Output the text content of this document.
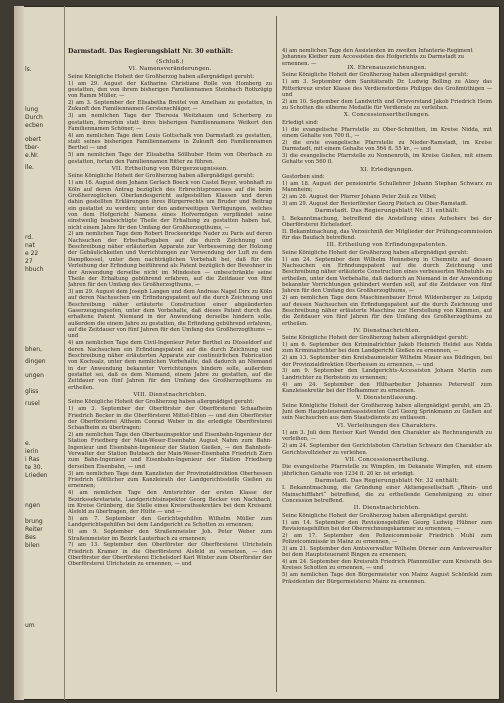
ls.
lung
Durch
ecben
obert
tber-
e.Nr.
lle.
rd.
nat
e 22
27
hbuch
bhen,
dingen
ungen
gliss
rusel
e.
ierin
i Ras
te 30.
Lrieden
ngen
brung
Reiter
Bes
bilen
um
Darmstadt. Das Regierungsblatt Nr. 30 enthält:
(Schluß.)
VI. Namensveränderungen.
Seine Königliche Hoheit der Großherzog haben allergnädigst geruht:
1) am 29. August der Katharine Christiane Rolle von Homberg zu gestatten, den von ihrem bisherigen Familiennamen Steinbach Rothzügig von Ramm Müller, —
2) am 3. September der Elisabetha Breitel von Amelham zu gestatten, in Zukunft den Familiennamen Gerstenschläger, —
3) am nemlichen Tage der Theresia Weitzhaum und Scherberg zu gestatten, fernerhin statt ihres bisherigen Familiennamens Weikert den Familiennamen Schöner, —
4) am nemlichen Tage dem Louis Gottschalk von Darmstadt zu gestatten, statt seines bisherigen Familiennamens in Zukunft den Familiennamen Berthel — und
5) am nemlichen Tage der Elisabetha Söllhuber Heim von Oberbach zu gestatten, fortan den Familiennamen Ritter zu führen.
VII. Ertheilung von Bürgerzeugnissen.
Seine Königliche Hoheit der Großherzog haben allergnädigst geruht:
1) am 16. August dem Johann Gerlach Boeck von Castel Beyer, wohnhaft zu Köln auf deren Antrag bezüglich des Erbrechtsprozesses auf die beim Großherzoglichen Oberlandesgericht aufgestellten Klassen und deren dahin gestellten Erklärungen ihres Bürgerrechts um Bruder und Beitrag ein gestattet zu werden; unter den anderweitigen Verfügungen, welches von dem Hofgericht Namens eines Hofvermögen verpfändet seine einstweilig beabsichtigte Theile der Erhaltung zu gestatten haben hat, nicht einem Jahre für den Umfang der Großherzogthums, —
2) am nemlichen Tage dem Robert Brockenridge Nader zu Paris auf deren Nachsuchen der Erbschaftsgaben auf die durch Zeichnung und Beschreibung näher erläuterten Apparate zur Verbesserung der Holzung der Gebäulichkeiten und Vorrichtungen zur Verwendung der Luft zu dem Dampfkessel, unter dem nachträglichen Vorbehalt bei, daß für die Verleihung der Erfindung beiführend als Patent bezüglich der Bewohner in der Anwendung derselbe nicht im Mindesten — unbeschränkte seine Theile der Erhaltung gebührend erfahren, auf die Zeitdauer von fünf Jahren für den Umfang des Großherzogthums, —
3) am 29. August dem Joseph Langen und dem Andreas Nagel Dirx zu Köln auf deren Nachsuchen ein Erfindungspatent auf die durch Zeichnung und Beschreibung näher erläuterte Construction einer abgeänderten Gaserzeugungsofen, unter dem Vorbehalte, daß dieses Patent durch das erhaltene Patent Niemand in der Anwendung derselbe hindern solle, außerdem die einem Jahre zu gestatten, die Erfindung gebührend erfahren, auf die Zeitdauer von fünf Jahren für den Umfang des Großherzogthums — und
4) am nemlichen Tage dem Civil-Ingenieur Peter Berthel zu Düsseldorf auf deren Nachsuchen ein Erfindungspatent auf die durch Zeichnung und Beschreibung näher erläuterten Apparate zur continuirlichen Fabrication von Kochsalz, unter dem nemlichen Vorbehalte, daß dadurch an Niemand in der Anwendung bekannter Vorrichtungen hindern solle, außerdem gestattet sei, daß es dem Niemand, einem Jahre zu gestatten, auf die Zeitdauer von fünf Jahren für den Umfang des Großherzogthums zu ertheilen.
VIII. Dienstnachrichten.
Seine Königliche Hoheit der Großherzog haben allergnädigst geruht:
1) am 3. September der Oberförster der Oberförsterei Schaafheim Friedrich Becker in die Oberförsterei Mittel-Ehlen — und den Oberförster der Oberförsterei Altheim Conrad Weber in die erledigte Oberförsterei Schaafheim zu übertragen;
2) am nemlichen Tage den Oberbauinspektor und Eisenbahn-Ingenieur der Station Friedberg der Main-Weser-Eisenbahn August Nahm zum Bahn-Ingenieur und Eisenbahn-Ingenieur der Station Gießen, — den Bahnhofs-Verwalter der Station Butzbach der Main-Weser-Eisenbahn Friedrich Zorn zum Bahn-Ingenieur und Eisenbahn-Ingenieur der Station Friedberg derselben Eisenbahn, — und
3) am nemlichen Tage dem Kanzlisten der Provinzialdirektion Oberhessen Friedrich Göttlicher zum Kanzleirath der Landgerichtsstelle Gießen zu ernennen;
4) am nemlichen Tage den Amtsrichter der ersten Klasse der Bezirkssekretariate, Landgerichtsinspektor Georg Becker von Nachbach, im Kreise Grünberg, die Stelle eines Kreisrathsekretärs bei dem Kreisamt Alsfeld zu übertragen, der Hütte — und —
5) am 7. September den Gerichtsgehilfen Wilhelm Müller zum Landgerichtsgehilfen bei dem Landgericht zu Schotten zu ernennen;
6) am 9. September den Straßenmeister Joh. Peter Weber zum Straßenmeister im Bezirk Lauterbach zu ernennen;
7) am 13. September den Oberförster der Oberförsterei Ulrichstein Friedrich Kramer in die Oberförsterei Alsfeld zu versetzen, — den Oberförster der Oberförsterei Eichelsdorf Karl Winter zum Oberförster der Oberförsterei Ulrichstein zu ernennen, — und
4) am nemlichen Tage den Assistenten im zweiten Infanterie-Regiment Johannes Kleiber zum Accessisten des Hofgerichts zu Darmstadt zu ernennen. —
IX. Ehrenauszeichnungen.
Seine Königliche Hoheit der Großherzog haben allergnädigst geruht:
1) am 3. September dem Sanitätsrath Dr. Ludwig Bolling zu Alzey das Ritterkreuz erster Klasse des Verdienstordens Philipps des Großmüthigen — und
2) am 10. September dem Landwirth und Ortsvorstand Jakob Friedrich Heim zu Schotten die silberne Medaille für Verdienste zu verleihen.
X. Concessionsertheilungen.
Erledigt sind:
1) die evangelische Pfarrstelle zu Ober-Schmitten, im Kreise Nidda, mit einem Gehalte von 700 fl., —
2) die erste evangelische Pfarrstelle zu Nieder-Ramstadt, im Kreise Darmstadt, mit einem Gehalte von 564 fl. 55 kr., — und
3) die evangelische Pfarrstelle zu Nonnenroth, im Kreise Gießen, mit einem Gehalte von 560 fl.
XI. Erledigungen.
Gestorben sind:
1) am 18. August der pensionirte Schullehrer Johann Stephan Schwarz zu Mannheim;
2) am 26. August der Pfarrer Johann Peter Zeiß zu Vilbel;
3) am 29. August der Revierförster Georg Pietsch zu Ober-Ramstadt.
Darmstadt. Das Regierungsblatt Nr. 31 enthält:
I. Bekanntmachung, betreffend die Anstellung eines Aufsehers bei der Oberförsterei Eichelsdorf.
II. Bekanntmachung, das Verzeichniß der Mitglieder der Prüfungscommission für das Baufach betreffend.
III. Ertheilung von Erfindungspatenten.
Seine Königliche Hoheit der Großherzog haben allergnädigst geruht:
1) am 24. September dem Wilhelm Henneberg in Chemnitz auf dessen Nachsuchen ein Erfindungspatent auf die durch Zeichnung und Beschreibung näher erläuterte Construction eines verbesserten Webstuhls zu ertheilen, unter dem Vorbehalte, daß dadurch an Niemand in der Anwendung bekannter Vorrichtungen gehindert werden soll, auf die Zeitdauer von fünf Jahren für den Umfang des Großherzogthums, —
2) am nemlichen Tage dem Maschinenbauer Ernst Wildenberger zu Leipzig auf dessen Nachsuchen ein Erfindungspatent auf die durch Zeichnung und Beschreibung näher erläuterte Maschine zur Herstellung von Kämmen, auf die Zeitdauer von fünf Jahren für den Umfang des Großherzogthums zu ertheilen.
IV. Dienstnachrichten.
Seine Königliche Hoheit der Großherzog haben allergnädigst geruht:
1) am 6. September den Kriminalrichter Jakob Heinrich Heldel aus Nidda zum Kriminalrichter bei dem Landgericht Gießen zu ernennen, —
2) am 13. September den Kreisbaumeister Wilhelm Mauer aus Büdingen, bei der Provinzialdirektion Oberhessen zu ernennen, — und
3) am 9. September den Landgerichts-Accessisten Johann Martin zum Landrichter zu Herbstein zu ernennen;
4) am 24. September den Hilfsarbeiter Johannes Peterwolf zum Kanzleisekretär bei der Hofkammer zu ernennen.
V. Dienstentlassung.
Seine Königliche Hoheit der Großherzog haben allergnädigst geruht, am 25. Juni dem Hauptsteueramtsassistenten Carl Georg Sprinkmann zu Gießen auf sein Nachsuchen aus dem Staatsdienste zu entlassen.
VI. Verleihungen des Charakters.
1) am 3. Juli dem Revisor Karl Wendel den Charakter als Rechnungsrath zu verleihen, —
2) am 24. September den Gerichtsboten Christian Schwarz den Charakter als Gerichtsvollzieher zu verleihen.
VII. Concessionsertheilung.
Die evangelische Pfarrstelle zu Wimpfen, im Dekanate Wimpfen, mit einem jährlichen Gehalte von 1234 fl. 20 kr. ist erledigt.
Darmstadt. Das Regierungsblatt Nr. 32 enthält:
I. Bekanntmachung, die Gründung einer Aktiengesellschaft „Rhein- und Mainschifffahrt“ betreffend, die zu ertheilende Genehmigung zu einer Concession betreffend.
II. Dienstnachrichten.
Seine Königliche Hoheit der Großherzog haben allergnädigst geruht:
1) am 14. September den Revisionsgehilfen Georg Ludwig Hübner zum Revisionsgehilfen bei der Oberrechnungskammer zu ernennen, —
2) am 17. September den Polizeicommissär Friedrich Muhl zum Polizeicommissär in Mainz zu ernennen, —
3) am 21. September den Amtsverwalter Wilhelm Dörner zum Amtsverwalter bei dem Hauptsteueramt Bingen zu ernennen;
4) am 24. September den Kreisrath Friedrich Pfannmüller zum Kreisrath des Kreises Schotten zu ernennen, — und
5) am nemlichen Tage den Bürgermeister von Mainz August Schönfeld zum Präsidenten der Bürgermeisterei Mainz zu ernennen.
